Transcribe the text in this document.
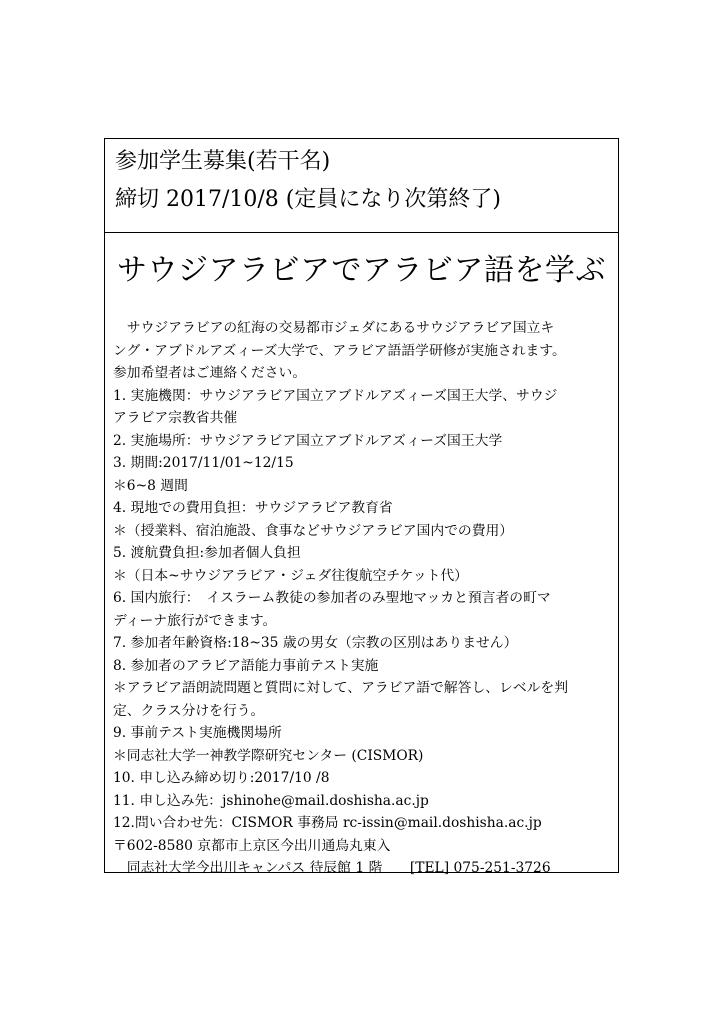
参加学生募集(若干名)
締切 2017/10/8 (定員になり次第終了)
サウジアラビアでアラビア語を学ぶ
　サウジアラビアの紅海の交易都市ジェダにあるサウジアラビア国立キ
ング・アブドルアズィーズ大学で、アラビア語語学研修が実施されます。
参加希望者はご連絡ください。
1. 実施機関：サウジアラビア国立アブドルアズィーズ国王大学、サウジ
アラビア宗教省共催
2. 実施場所：サウジアラビア国立アブドルアズィーズ国王大学
3. 期間:2017/11/01~12/15
＊6~8 週間
4. 現地での費用負担：サウジアラビア教育省
＊（授業料、宿泊施設、食事などサウジアラビア国内での費用）
5. 渡航費負担:参加者個人負担
＊（日本~サウジアラビア・ジェダ往復航空チケット代）
6. 国内旅行：　イスラーム教徒の参加者のみ聖地マッカと預言者の町マ
ディーナ旅行ができます。
7. 参加者年齢資格:18~35 歳の男女（宗教の区別はありません）
8. 参加者のアラビア語能力事前テスト実施
＊アラビア語朗読問題と質問に対して、アラビア語で解答し、レベルを判
定、クラス分けを行う。
9. 事前テスト実施機関場所
＊同志社大学一神教学際研究センター (CISMOR)
10. 申し込み締め切り:2017/10 /8
11. 申し込み先：jshinohe@mail.doshisha.ac.jp
12.問い合わせ先：CISMOR 事務局 rc-issin@mail.doshisha.ac.jp
〒602-8580 京都市上京区今出川通烏丸東入
　同志社大学今出川キャンパス 待辰館 1 階　　[TEL] 075-251-3726
